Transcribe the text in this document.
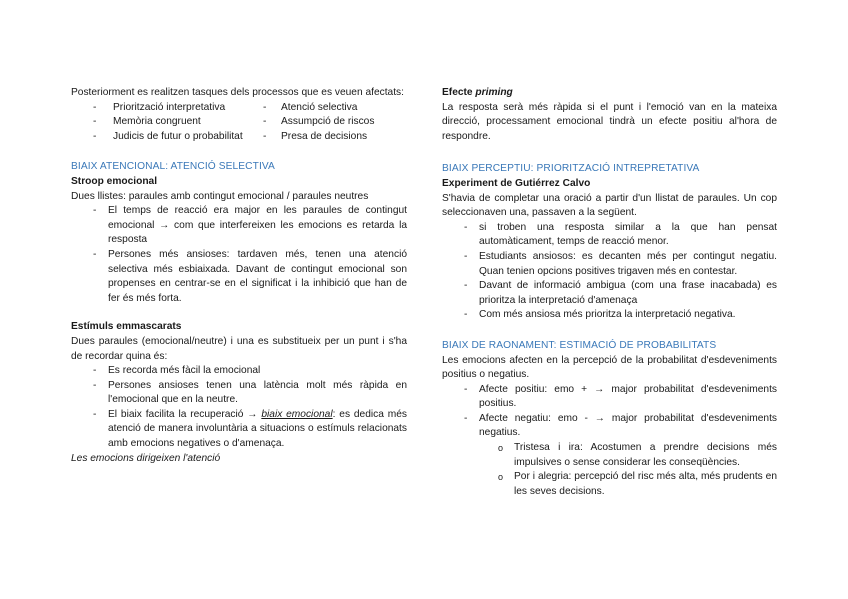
Posteriorment es realitzen tasques dels processos que es veuen afectats:

- Priorització interpretativa
- Memòria congruent
- Judicis de futur o probabilitat
- Atenció selectiva
- Assumpció de riscos
- Presa de decisions

BIAIX ATENCIONAL: ATENCIÓ SELECTIVA

Stroop emocional

Dues llistes: paraules amb contingut emocional / paraules neutres

- El temps de reacció era major en les paraules de contingut emocional → com que interfereixen les emocions es retarda la resposta
- Persones més ansioses: tardaven més, tenen una atenció selectiva més esbiaixada. Davant de contingut emocional son propenses en centrar-se en el significat i la inhibició que han de fer és més forta.

Estímuls emmascarats

Dues paraules (emocional/neutre) i una es substitueix per un punt i s'ha de recordar quina és:

- Es recorda més fàcil la emocional
- Persones ansioses tenen una latència molt més ràpida en l'emocional que en la neutre.
- El biaix facilita la recuperació → biaix emocional: es dedica més atenció de manera involuntària a situacions o estímuls relacionats amb emocions negatives o d'amenaça.

Les emocions dirigeixen l'atenció

Efecte priming

La resposta serà més ràpida si el punt i l'emoció van en la mateixa direcció, processament emocional tindrà un efecte positiu al'hora de respondre.

BIAIX PERCEPTIU: PRIORITZACIÓ INTREPRETATIVA

Experiment de Gutiérrez Calvo

S'havia de completar una oració a partir d'un llistat de paraules. Un cop seleccionaven una, passaven a la següent.

- si troben una resposta similar a la que han pensat automàticament, temps de reacció menor.
- Estudiants ansiosos: es decanten més per contingut negatiu. Quan tenien opcions positives trigaven més en contestar.
- Davant de informació ambigua (com una frase inacabada) es prioritza la interpretació d'amenaça
- Com més ansiosa més prioritza la interpretació negativa.

BIAIX DE RAONAMENT: ESTIMACIÓ DE PROBABILITATS

Les emocions afecten en la percepció de la probabilitat d'esdeveniments positius o negatius.

- Afecte positiu: emo + → major probabilitat d'esdeveniments positius.
- Afecte negatiu: emo - → major probabilitat d'esdeveniments negatius.
o Tristesa i ira: Acostumen a prendre decisions més impulsives o sense considerar les conseqüències.
o Por i alegria: percepció del risc més alta, més prudents en les seves decisions.
